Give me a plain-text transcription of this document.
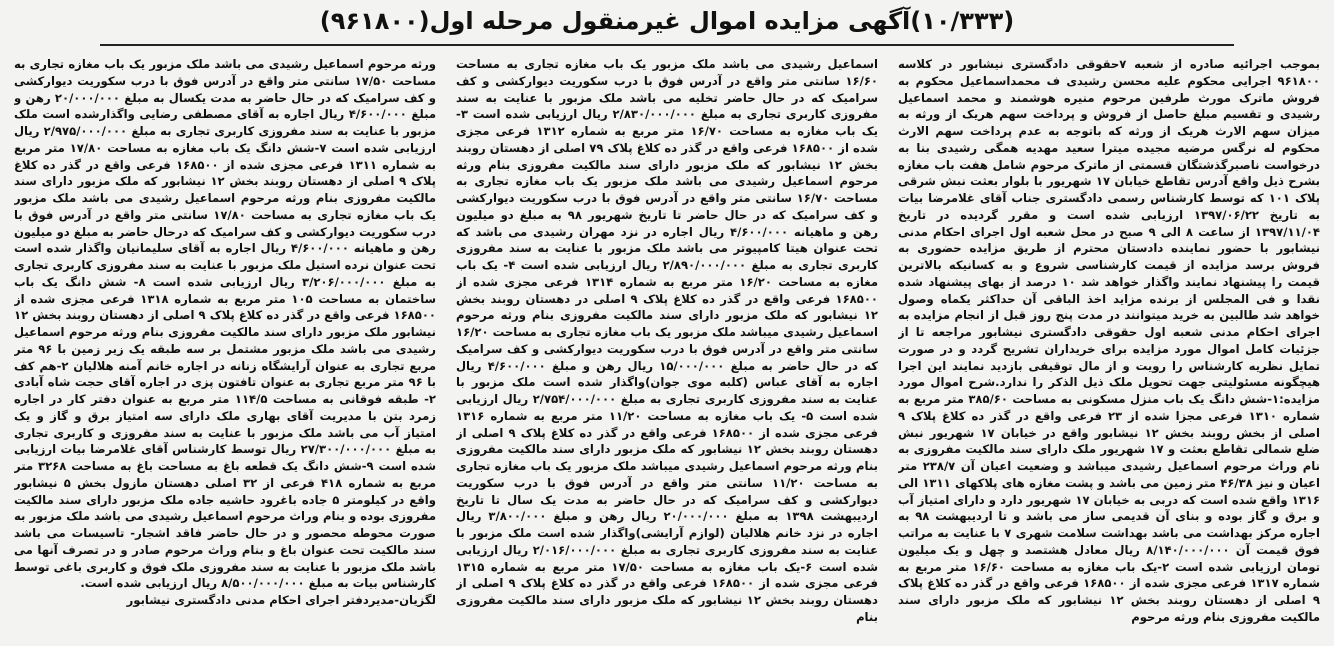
(۱۰/۳۳۳)آگهی مزایده اموال غیرمنقول مرحله اول(۹۶۱۸۰۰)

بموجب اجرائیه صادره از شعبه ۷حقوقی دادگستری نیشابور در کلاسه ۹۶۱۸۰۰ اجرایی محکوم علیه محسن رشیدی ف محمداسماعیل محکوم به فروش ماترک مورث طرفین مرحوم منیره هوشمند و محمد اسماعیل رشیدی و تقسیم مبلغ حاصل از فروش و پرداخت سهم هریک از ورثه به میزان سهم الارث هریک از ورثه که باتوجه به عدم پرداخت سهم الارث محکوم له نرگس مرضیه مجیده میترا سعید مهدیه همگی رشیدی بنا به درخواست ناصبرگذشتگان قسمتی از ماترک مرحوم شامل هفت باب مغازه بشرح ذیل واقع آدرس تقاطع خیابان ۱۷ شهریور با بلوار بعثت نبش شرقی پلاک ۱۰۱ که توسط کارشناس رسمی دادگستری جناب آقای غلامرضا بیات به تاریخ ۱۳۹۷/۰۶/۲۲ ارزیابی شده است و مقرر گردیده در تاریخ ۱۳۹۷/۱۱/۰۴ از ساعت ۸ الی ۹ صبح در محل شعبه اول اجرای احکام مدنی نیشابور با حضور نماینده دادستان محترم از طریق مزایده حضوری به فروش برسد مزایده از قیمت کارشناسی شروع و به کسانیکه بالاترین قیمت را پیشنهاد نمایند واگذار خواهد شد ۱۰ درصد از بهای پیشنهاد شده نقدا و فی المجلس از برنده مزاید اخذ الباقی آن حداکثر یکماه وصول خواهد شد طالبین به خرید میتوانند در مدت پنج روز قبل از انجام مزایده به اجرای احکام مدنی شعبه اول حقوقی دادگستری نیشابور مراجعه تا از جزئیات کامل اموال مورد مزایده برای خریداران تشریح گردد و در صورت تمایل نظریه کارشناس را رویت و از مال توقیفی بازدید نمایند این اجرا هیچگونه مسئولیتی جهت تحویل ملک ذیل الذکر را ندارد.شرح اموال مورد مزایده:۱-شش دانگ یک باب منزل مسکونی به مساحت ۳۸۵/۶۰ متر مربع به شماره ۱۳۱۰ فرعی مجزا شده از ۲۳ فرعی واقع در گذر ده کلاغ پلاک ۹ اصلی از بخش روبند بخش ۱۲ نیشابور واقع در خیابان ۱۷ شهریور نبش ضلع شمالی تقاطع بعثت و ۱۷ شهریور ملک دارای سند مالکیت مفروزی به نام وراث مرحوم اسماعیل رشیدی میباشد و وضعیت اعیان آن ۲۳۸/۷ متر اعیان و نیز ۴۶/۳۸ متر زمین می باشد و پشت مغازه های پلاکهای ۱۳۱۱ الی ۱۳۱۶ واقع شده است که دربی به خیابان ۱۷ شهریور دارد و دارای امتیاز آب و برق و گاز بوده و بنای آن قدیمی ساز می باشد و تا اردیبهشت ۹۸ به اجاره مرکز بهداشت می باشد بهداشت سلامت شهری ۷ با عنایت به مراتب فوق قیمت آن ۸/۱۴۰/۰۰۰/۰۰۰ ریال معادل هشتصد و چهل و یک میلیون تومان ارزیابی شده است ۲-یک باب مغازه به مساحت ۱۶/۶۰ متر مربع به شماره ۱۳۱۷ فرعی مجزی شده از ۱۶۸۵۰۰ فرعی واقع در گذر ده کلاغ پلاک ۹ اصلی از دهستان روبند بخش ۱۲ نیشابور که ملک مزبور دارای سند مالکیت مفروزی بنام ورثه مرحوم

اسماعیل رشیدی می باشد ملک مزبور یک باب مغازه تجاری به مساحت ۱۶/۶۰ سانتی متر واقع در آدرس فوق با درب سکوریت دیوارکشی و کف سرامیک که در حال حاضر تخلیه می باشد ملک مزبور با عنایت به سند مفروزی کاربری تجاری به مبلغ ۲/۸۳۰/۰۰۰/۰۰۰ ریال ارزیابی شده است ۳- یک باب مغازه به مساحت ۱۶/۷۰ متر مربع به شماره ۱۳۱۲ فرعی مجزی شده از ۱۶۸۵۰۰ فرعی واقع در گذر ده کلاغ پلاک ۷۹ اصلی از دهستان روبند بخش ۱۲ نیشابور که ملک مزبور دارای سند مالکیت مفروزی بنام ورثه مرحوم اسماعیل رشیدی می باشد ملک مزبور یک باب مغازه تجاری به مساحت ۱۶/۷۰ سانتی متر واقع در آدرس فوق با درب سکوریت دیوارکشی و کف سرامیک که در حال حاضر تا تاریخ شهریور ۹۸ به مبلغ دو میلیون رهن و ماهیانه ۴/۶۰۰/۰۰۰ ریال اجاره در نزد مهران رشیدی می باشد که تحت عنوان هیتا کامپیوتر می باشد ملک مزبور با عنایت به سند مفروزی کاربری تجاری به مبلغ ۲/۸۹۰/۰۰۰/۰۰۰ ریال ارزیابی شده است ۴- یک باب مغازه به مساحت ۱۶/۲۰ متر مربع به شماره ۱۳۱۴ فرعی مجزی شده از ۱۶۸۵۰۰ فرعی واقع در گذر ده کلاغ پلاک ۹ اصلی در دهستان روبند بخش ۱۲ نیشابور که ملک مزبور دارای سند مالکیت مفروزی بنام ورثه مرحوم اسماعیل رشیدی میباشد ملک مزبور یک باب مغازه تجاری به مساحت ۱۶/۲۰ سانتی متر واقع در آدرس فوق با درب سکوریت دیوارکشی و کف سرامیک که در حال حاضر به مبلغ ۱۵/۰۰۰/۰۰۰ ریال رهن و مبلغ ۴/۶۰۰/۰۰۰ ریال اجاره به آقای عباس (کلبه موی جوان)واگذار شده است ملک مزبور با عنایت به سند مفروزی کاربری تجاری به مبلغ ۲/۷۵۴/۰۰۰/۰۰۰ ریال ارزیابی شده است ۵- یک باب مغازه به مساحت ۱۱/۲۰ متر مربع به شماره ۱۳۱۶ فرعی مجزی شده از ۱۶۸۵۰۰ فرعی واقع در گذر ده کلاغ پلاک ۹ اصلی از دهستان روبند بخش ۱۲ نیشابور که ملک مزبور دارای سند مالکیت مفروزی بنام ورثه مرحوم اسماعیل رشیدی میباشد ملک مزبور یک باب مغازه تجاری به مساحت ۱۱/۲۰ سانتی متر واقع در آدرس فوق با درب سکوریت دیوارکشی و کف سرامیک که در حال حاضر به مدت یک سال تا تاریخ اردیبهشت ۱۳۹۸ به مبلغ ۲۰/۰۰۰/۰۰۰ ریال رهن و مبلغ ۳/۸۰۰/۰۰۰ ریال اجاره در نزد خانم هلالیان (لوازم آرایشی)واگذار شده است ملک مزبور با عنایت به سند مفروزی کاربری تجاری به مبلغ ۲/۰۱۶/۰۰۰/۰۰۰ ریال ارزیابی شده است ۶-یک باب مغازه به مساحت ۱۷/۵۰ متر مربع به شماره ۱۳۱۵ فرعی مجزی شده از ۱۶۸۵۰۰ فرعی واقع در گذر ده کلاغ پلاک ۹ اصلی از دهستان روبند بخش ۱۲ نیشابور که ملک مزبور دارای سند مالکیت مفروزی بنام

ورثه مرحوم اسماعیل رشیدی می باشد ملک مزبور یک باب مغازه تجاری به مساحت ۱۷/۵۰ سانتی متر واقع در آدرس فوق با درب سکوریت دیوارکشی و کف سرامیک که در حال حاضر به مدت یکسال به مبلغ ۲۰/۰۰۰/۰۰۰ رهن و مبلغ ۴/۶۰۰/۰۰۰ ریال اجاره به آقای مصطفی رضایی واگذارشده است ملک مزبور با عنایت به سند مفروزی کاربری تجاری به مبلغ ۲/۹۷۵/۰۰۰/۰۰۰ ریال ارزیابی شده است ۷-شش دانگ یک باب مغازه به مساحت ۱۷/۸۰ متر مربع به شماره ۱۳۱۱ فرعی مجزی شده از ۱۶۸۵۰۰ فرعی واقع در گذر ده کلاغ پلاک ۹ اصلی از دهستان روبند بخش ۱۲ نیشابور که ملک مزبور دارای سند مالکیت مفروزی بنام ورثه مرحوم اسماعیل رشیدی می باشد ملک مزبور یک باب مغازه تجاری به مساحت ۱۷/۸۰ سانتی متر واقع در آدرس فوق با درب سکوریت دیوارکشی و کف سرامیک که درحال حاضر به مبلغ دو میلیون رهن و ماهیانه ۴/۶۰۰/۰۰۰ ریال اجاره به آقای سلیمانیان واگذار شده است تحت عنوان نرده استیل ملک مزبور با عنایت به سند مفروزی کاربری تجاری به مبلغ ۳/۲۰۶/۰۰۰/۰۰۰ ریال ارزیابی شده است ۸- شش دانگ یک باب ساختمان به مساحت ۱۰۵ متر مربع به شماره ۱۳۱۸ فرعی مجزی شده از ۱۶۸۵۰۰ فرعی واقع در گذر ده کلاغ پلاک ۹ اصلی از دهستان روبند بخش ۱۲ نیشابور ملک مزبور دارای سند مالکیت مفروزی بنام ورثه مرحوم اسماعیل رشیدی می باشد ملک مزبور مشتمل بر سه طبقه یک زیر زمین با ۹۶ متر مربع تجاری به عنوان آرایشگاه زنانه در اجاره خانم آمنه هلالیان ۲-هم کف با ۹۶ متر مربع تجاری به عنوان تافتون پزی در اجاره آقای حجت شاه آبادی ۲- طبقه فوقانی به مساحت ۱۱۴/۵ متر مربع به عنوان دفتر کار در اجاره زمرد بتن با مدیریت آقای بهاری ملک دارای سه امتیاز برق و گاز و یک امتیاز آب می باشد ملک مزبور با عنایت به سند مفروزی و کاربری تجاری به مبلغ ۲۷/۳۰۰/۰۰۰/۰۰۰ ریال توسط کارشناس آقای غلامرضا بیات ارزیابی شده است ۹-شش دانگ یک قطعه باغ به مساحت باغ به مساحت ۳۲۶۸ متر مربع به شماره ۴۱۸ فرعی از ۳۲ اصلی دهستان مازول بخش ۵ نیشابور واقع در کیلومتر ۵ جاده باغرود حاشیه جاده ملک مزبور دارای سند مالکیت مفروزی بوده و بنام وراث مرحوم اسماعیل رشیدی می باشد ملک مزبور به صورت محوطه محصور و در حال حاضر فاقد اشجار- تاسیسات می باشد سند مالکیت تحت عنوان باغ و بنام وراث مرحوم صادر و در تصرف آنها می باشد ملک مزبور با عنایت به سند مفروزی ملک فوق و کاربری باغی توسط کارشناس بیات به مبلغ ۸/۵۰۰/۰۰۰/۰۰۰ ریال ارزیابی شده است.

لگزیان-مدیردفتر اجرای احکام مدنی دادگستری نیشابور
